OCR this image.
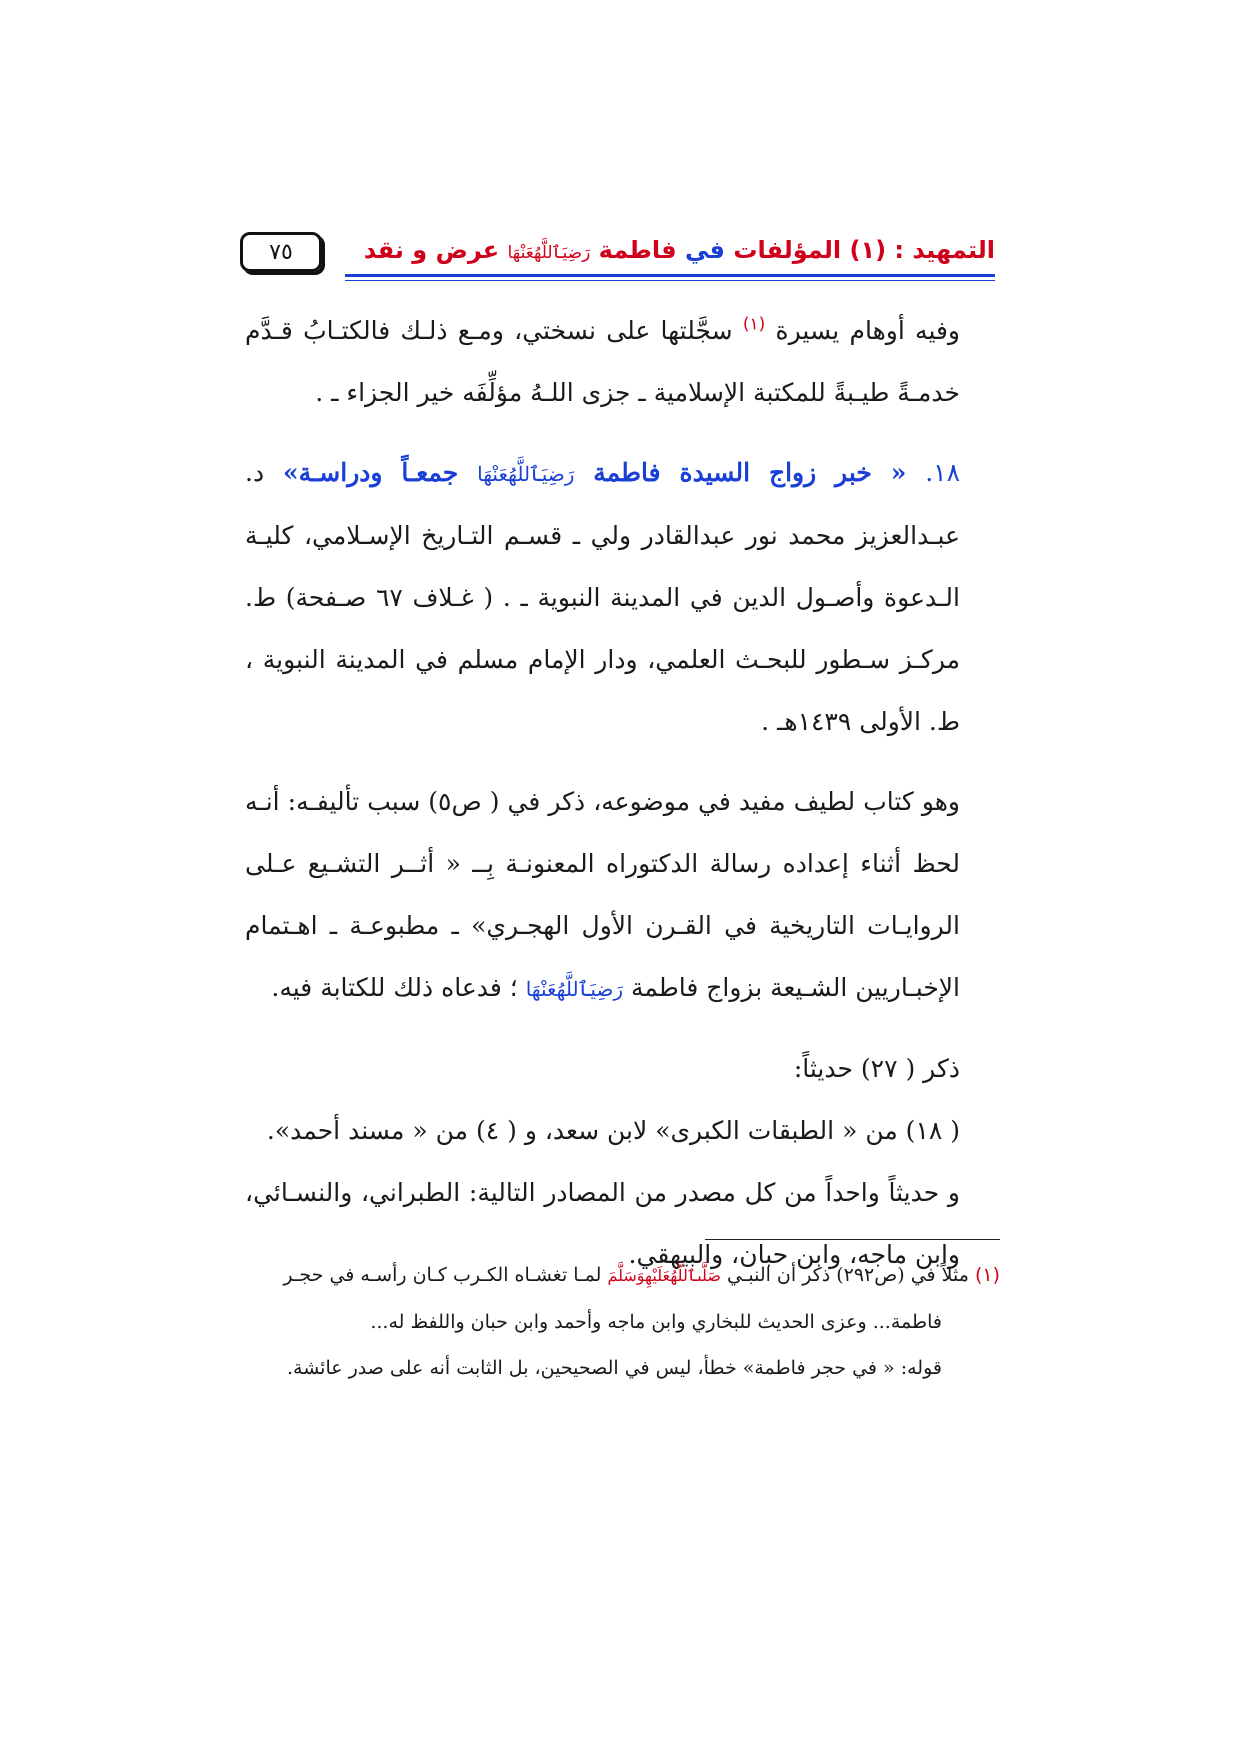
٧٥	التمهيد : (١) المؤلفات في فاطمة رَضِيَٱللَّهُعَنْهَا عرض و نقد

وفيه أوهام يسيرة $^{(١)}$ سجَّلتها على نسختي، ومـع ذلـك فالكتـابُ قـدَّم خدمـةً طيـبةً للمكتبة الإسلامية ـ جزى اللـهُ مؤلِّفَه خير الجزاء ـ .

١٨. « خبر زواج السيدة فاطمة رَضِيَٱللَّهُعَنْهَا جمعـاً ودراسـة» د. عبـدالعزيز محمد نور عبدالقادر ولي ـ قسـم التـاريخ الإسـلامي، كليـة الـدعوة وأصـول الدين في المدينة النبوية ـ . ( غـلاف ٦٧ صـفحة) ط. مركـز سـطور للبحـث العلمي، ودار الإمام مسلم في المدينة النبوية ، ط. الأولى ١٤٣٩هـ .

وهو كتاب لطيف مفيد في موضوعه، ذكر في ( ص٥) سبب تأليفـه: أنـه لحظ أثناء إعداده رسالة الدكتوراه المعنونـة بِــ « أثــر التشـيع عـلى الروايـات التاريخية في القـرن الأول الهجـري» ـ مطبوعـة ـ اهـتمام الإخبـاريين الشـيعة بزواج فاطمة رَضِيَٱللَّهُعَنْهَا ؛ فدعاه ذلك للكتابة فيه.

ذكر ( ٢٧) حديثاً:

( ١٨) من « الطبقات الكبرى» لابن سعد، و ( ٤) من « مسند أحمد».

و حديثاً واحداً من كل مصدر من المصادر التالية: الطبراني، والنسـائي، وابن ماجه، وابن حبان، والبيهقي.

(١) مثلاً في (ص٢٩٢) ذكر أن النبـي صَلَّىٱللَّهُعَلَيْهِوَسَلَّمَ لمـا تغشـاه الكـرب كـان رأسـه في حجـر

فاطمة... وعزى الحديث للبخاري وابن ماجه وأحمد وابن حبان واللفظ له...

قوله: « في حجر فاطمة» خطأ، ليس في الصحيحين، بل الثابت أنه على صدر عائشة.
